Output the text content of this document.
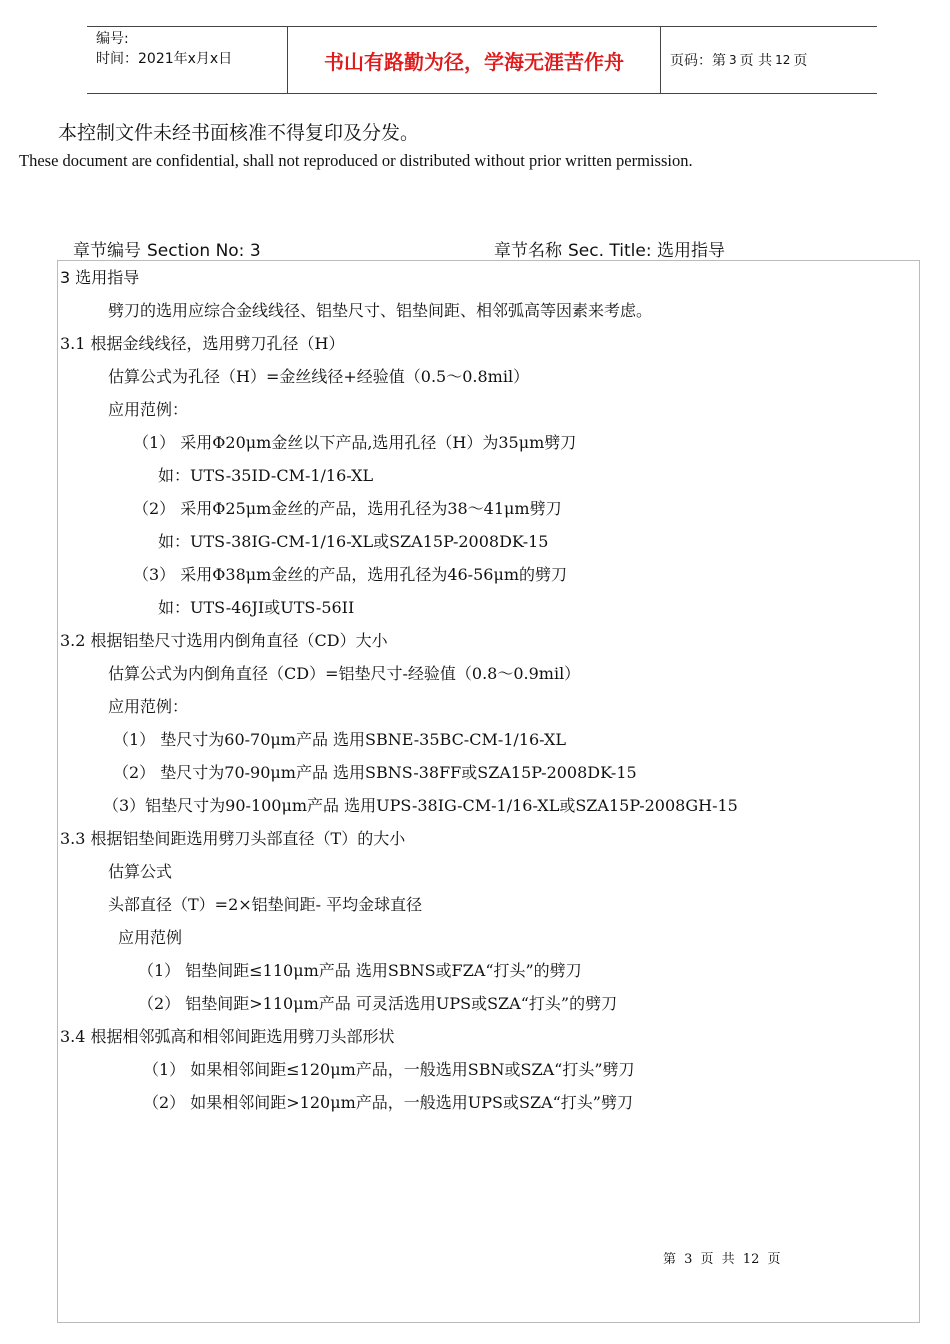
编号:
时间：2021年x月x日	书山有路勤为径，学海无涯苦作舟	页码：第 3 页 共 12 页
本控制文件未经书面核准不得复印及分发。
These document are confidential, shall not reproduced or distributed without prior written permission.
章节编号 Section No: 3	章节名称 Sec. Title: 选用指导
3 选用指导
劈刀的选用应综合金线线径、铝垫尺寸、铝垫间距、相邻弧高等因素来考虑。
3.1 根据金线线径，选用劈刀孔径（H）
估算公式为孔径（H）=金丝线径+经验值（0.5～0.8mil）
应用范例：
（1） 采用Φ20μm金丝以下产品,选用孔径（H）为35μm劈刀
如：UTS-35ID-CM-1/16-XL
（2） 采用Φ25μm金丝的产品，选用孔径为38～41μm劈刀
如：UTS-38IG-CM-1/16-XL或SZA15P-2008DK-15
（3） 采用Φ38μm金丝的产品，选用孔径为46-56μm的劈刀
如：UTS-46JI或UTS-56II
3.2 根据铝垫尺寸选用内倒角直径（CD）大小
估算公式为内倒角直径（CD）=铝垫尺寸-经验值（0.8～0.9mil）
应用范例：
（1） 垫尺寸为60-70μm产品 选用SBNE-35BC-CM-1/16-XL
（2） 垫尺寸为70-90μm产品 选用SBNS-38FF或SZA15P-2008DK-15
（3）铝垫尺寸为90-100μm产品 选用UPS-38IG-CM-1/16-XL或SZA15P-2008GH-15
3.3 根据铝垫间距选用劈刀头部直径（T）的大小
估算公式
头部直径（T）=2×铝垫间距- 平均金球直径
应用范例
（1） 铝垫间距≤110μm产品 选用SBNS或FZA“打头”的劈刀
（2） 铝垫间距>110μm产品 可灵活选用UPS或SZA“打头”的劈刀
3.4 根据相邻弧高和相邻间距选用劈刀头部形状
（1） 如果相邻间距≤120μm产品，一般选用SBN或SZA“打头”劈刀
（2） 如果相邻间距>120μm产品，一般选用UPS或SZA“打头”劈刀
第 3 页 共 12 页
